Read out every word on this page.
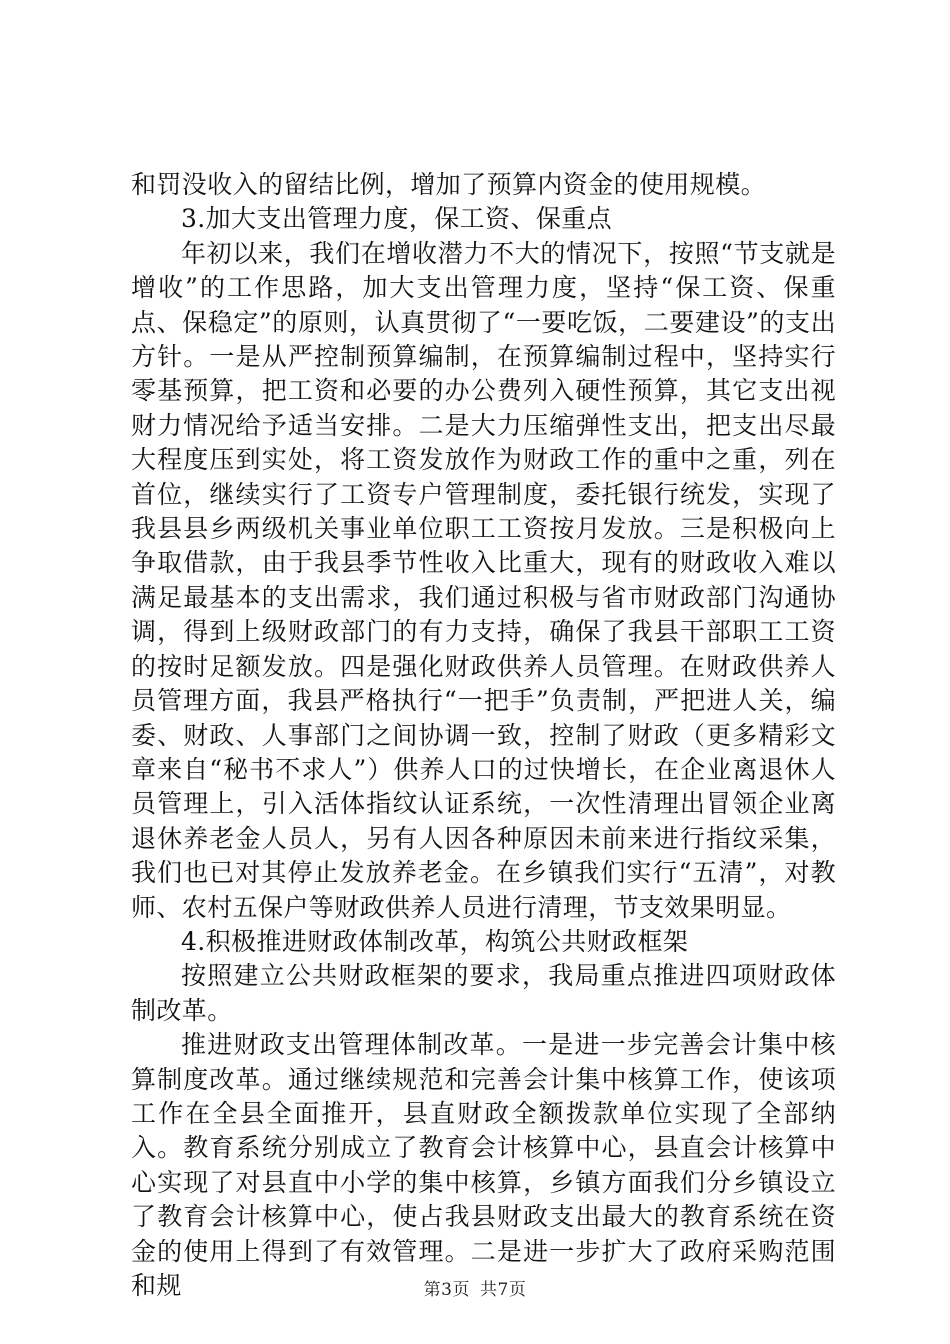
和罚没收入的留结比例，增加了预算内资金的使用规模。

3.加大支出管理力度，保工资、保重点

年初以来，我们在增收潜力不大的情况下，按照“节支就是增收”的工作思路，加大支出管理力度，坚持“保工资、保重点、保稳定”的原则，认真贯彻了“一要吃饭，二要建设”的支出方针。一是从严控制预算编制，在预算编制过程中，坚持实行零基预算，把工资和必要的办公费列入硬性预算，其它支出视财力情况给予适当安排。二是大力压缩弹性支出，把支出尽最大程度压到实处，将工资发放作为财政工作的重中之重，列在首位，继续实行了工资专户管理制度，委托银行统发，实现了我县县乡两级机关事业单位职工工资按月发放。三是积极向上争取借款，由于我县季节性收入比重大，现有的财政收入难以满足最基本的支出需求，我们通过积极与省市财政部门沟通协调，得到上级财政部门的有力支持，确保了我县干部职工工资的按时足额发放。四是强化财政供养人员管理。在财政供养人员管理方面，我县严格执行“一把手”负责制，严把进人关，编委、财政、人事部门之间协调一致，控制了财政（更多精彩文章来自“秘书不求人”）供养人口的过快增长，在企业离退休人员管理上，引入活体指纹认证系统，一次性清理出冒领企业离退休养老金人员人，另有人因各种原因未前来进行指纹采集，我们也已对其停止发放养老金。在乡镇我们实行“五清”，对教师、农村五保户等财政供养人员进行清理，节支效果明显。

4.积极推进财政体制改革，构筑公共财政框架

按照建立公共财政框架的要求，我局重点推进四项财政体制改革。

推进财政支出管理体制改革。一是进一步完善会计集中核算制度改革。通过继续规范和完善会计集中核算工作，使该项工作在全县全面推开，县直财政全额拨款单位实现了全部纳入。教育系统分别成立了教育会计核算中心，县直会计核算中心实现了对县直中小学的集中核算，乡镇方面我们分乡镇设立了教育会计核算中心，使占我县财政支出最大的教育系统在资金的使用上得到了有效管理。二是进一步扩大了政府采购范围和规	第3页 共7页
